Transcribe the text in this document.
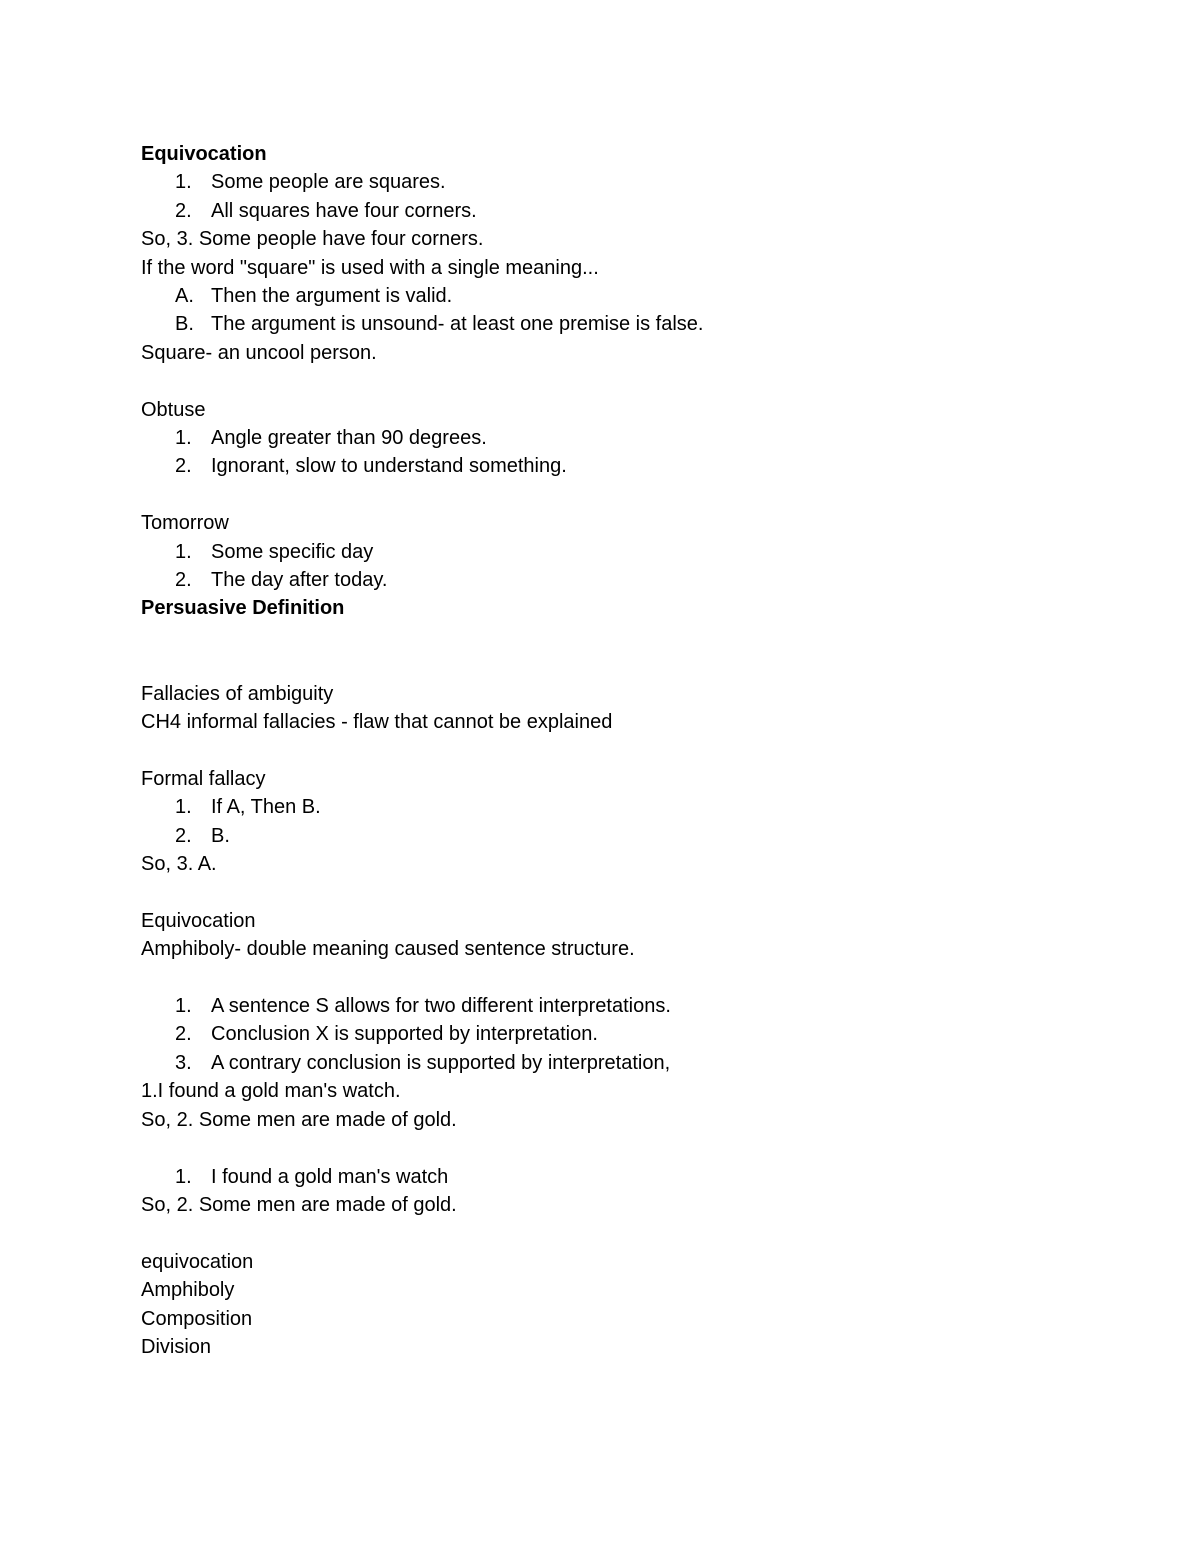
Equivocation
1. Some people are squares.
2. All squares have four corners.
So, 3. Some people have four corners.
If the word "square" is used with a single meaning...
A. Then the argument is valid.
B. The argument is unsound- at least one premise is false.
Square- an uncool person.
Obtuse
1. Angle greater than 90 degrees.
2. Ignorant, slow to understand something.
Tomorrow
1. Some specific day
2. The day after today.
Persuasive Definition
Fallacies of ambiguity
CH4 informal fallacies - flaw that cannot be explained
Formal fallacy
1. If A, Then B.
2. B.
So, 3. A.
Equivocation
Amphiboly- double meaning caused sentence structure.
1. A sentence S allows for two different interpretations.
2. Conclusion X is supported by interpretation.
3. A contrary conclusion is supported by interpretation,
1.I found a gold man's watch.
So, 2. Some men are made of gold.
1. I found a gold man's watch
So, 2. Some men are made of gold.
equivocation
Amphiboly
Composition
Division
